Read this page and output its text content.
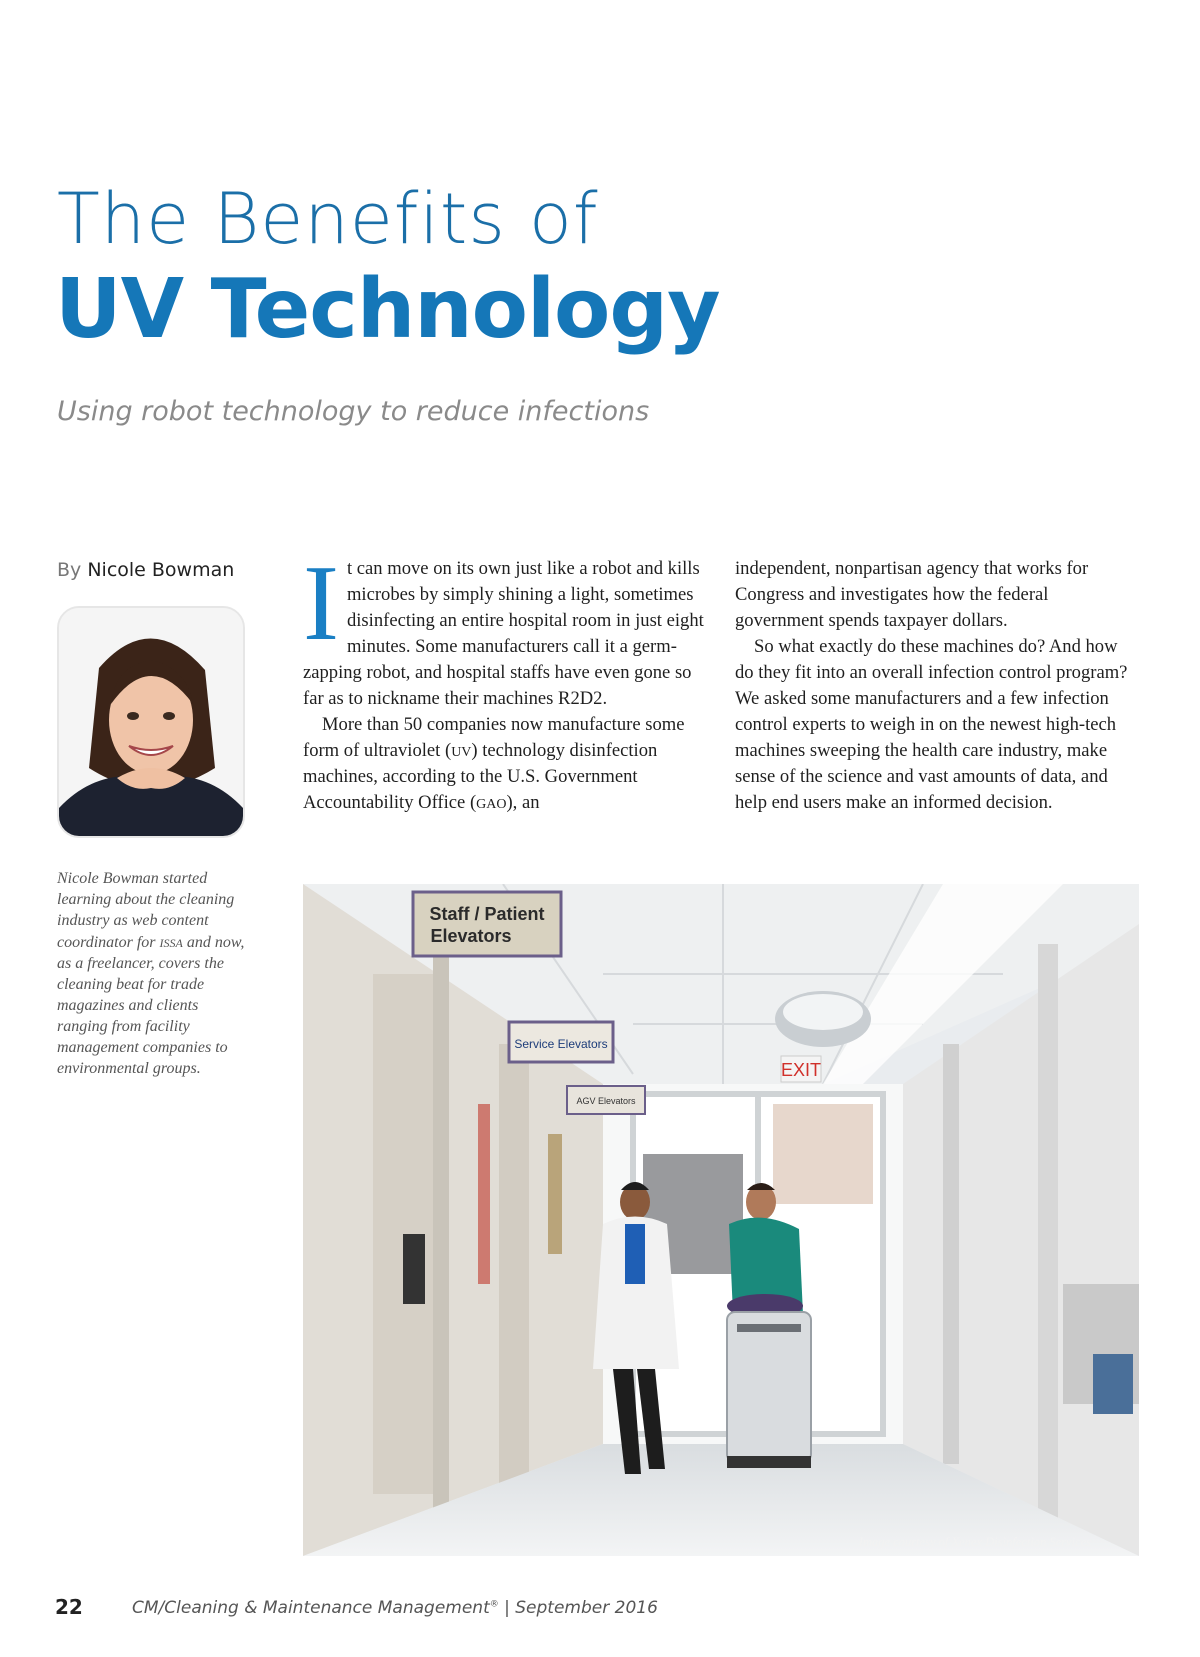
The Benefits of
UV Technology
Using robot technology to reduce infections
By Nicole Bowman
Nicole Bowman started learning about the cleaning industry as web content coordinator for issa and now, as a freelancer, covers the cleaning beat for trade magazines and clients ranging from facility management companies to environmental groups.

It can move on its own just like a robot and kills microbes by simply shining a light, sometimes disinfecting an entire hospital room in just eight minutes. Some manufacturers call it a germ-zapping robot, and hospital staffs have even gone so far as to nickname their machines R2D2.

More than 50 companies now manufacture some form of ultraviolet (uv) technology disinfection machines, according to the U.S. Government Accountability Office (gao), an

independent, nonpartisan agency that works for Congress and investigates how the federal government spends taxpayer dollars.

So what exactly do these machines do? And how do they fit into an overall infection control program? We asked some manufacturers and a few infection control experts to weigh in on the newest high-tech machines sweeping the health care industry, make sense of the science and vast amounts of data, and help end users make an informed decision.

Staff / Patient
Elevators
Service Elevators
AGV Elevators
EXIT
Image courtesy of Xenex Disinfection Services
22	CM/Cleaning & Maintenance Management® | September 2016
